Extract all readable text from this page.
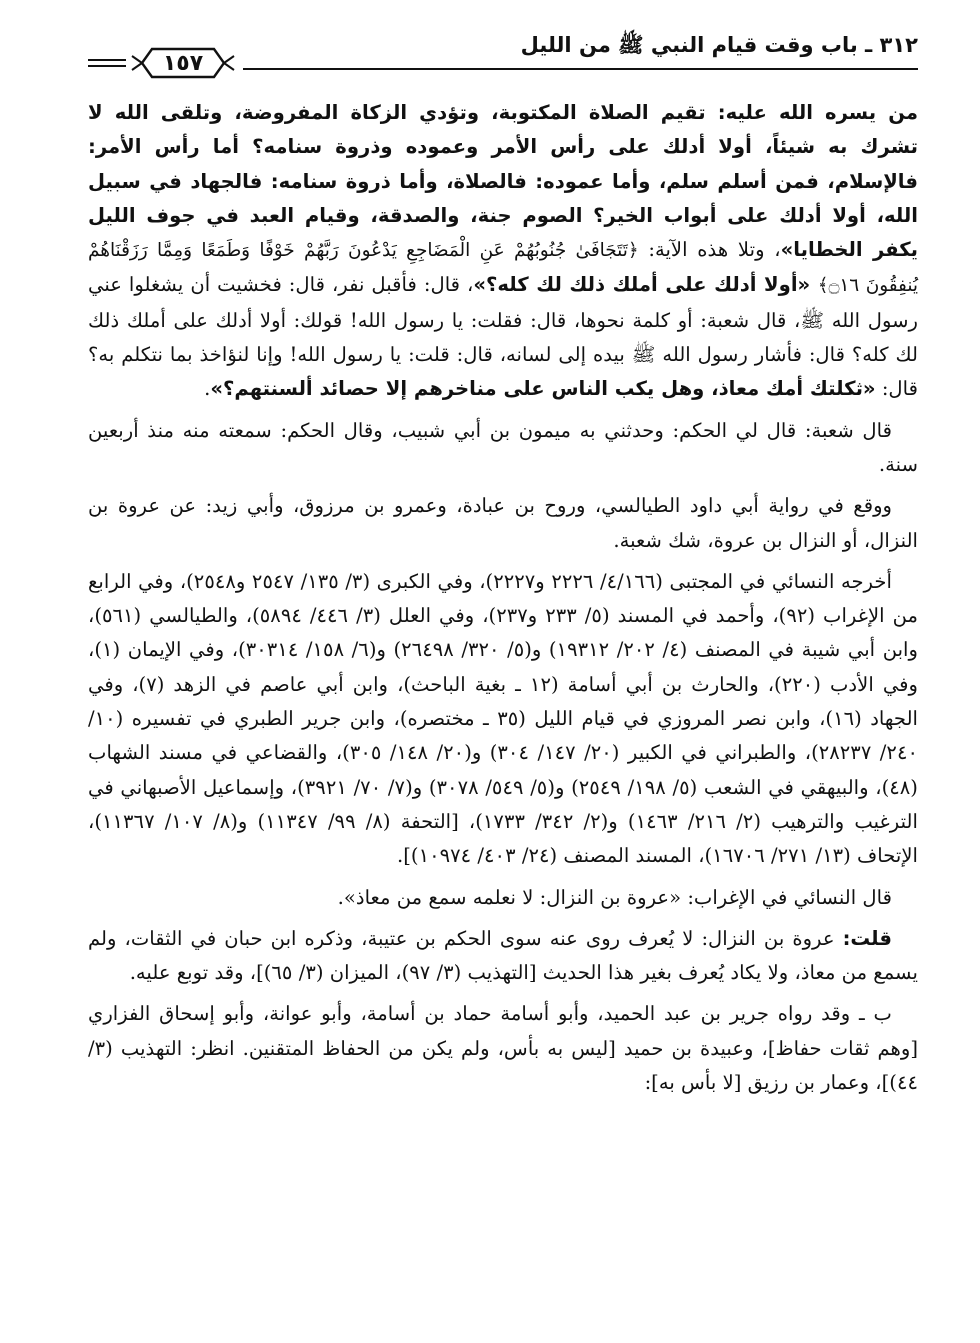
٣١٢ ـ باب وقت قيام النبي ﷺ من الليل
١٥٧

من يسره الله عليه: تقيم الصلاة المكتوبة، وتؤدي الزكاة المفروضة، وتلقى الله لا تشرك به شيئاً، أولا أدلك على رأس الأمر وعموده وذروة سنامه؟ أما رأس الأمر: فالإسلام، فمن أسلم سلم، وأما عموده: فالصلاة، وأما ذروة سنامه: فالجهاد في سبيل الله، أولا أدلك على أبواب الخير؟ الصوم جنة، والصدقة، وقيام العبد في جوف الليل يكفر الخطايا»، وتلا هذه الآية: ﴿تَتَجَافَىٰ جُنُوبُهُمْ عَنِ الْمَضَاجِعِ يَدْعُونَ رَبَّهُمْ خَوْفًا وَطَمَعًا وَمِمَّا رَزَقْنَاهُمْ يُنفِقُونَ ۝١٦﴾ «أولا أدلك على أملك ذلك لك كله؟»، قال: فأقبل نفر، قال: فخشيت أن يشغلوا عني رسول الله ﷺ، قال شعبة: أو كلمة نحوها، قال: فقلت: يا رسول الله! قولك: أولا أدلك على أملك ذلك لك كله؟ قال: فأشار رسول الله ﷺ بيده إلى لسانه، قال: قلت: يا رسول الله! وإنا لنؤاخذ بما نتكلم به؟ قال: «ثكلتك أمك معاذ، وهل يكب الناس على مناخرهم إلا حصائد ألسنتهم؟».

قال شعبة: قال لي الحكم: وحدثني به ميمون بن أبي شبيب، وقال الحكم: سمعته منه منذ أربعين سنة.

ووقع في رواية أبي داود الطيالسي، وروح بن عبادة، وعمرو بن مرزوق، وأبي زيد: عن عروة بن النزال، أو النزال بن عروة، شك شعبة.

أخرجه النسائي في المجتبى (٤/١٦٦/ ٢٢٢٦ و٢٢٢٧)، وفي الكبرى (٣/ ١٣٥/ ٢٥٤٧ و٢٥٤٨)، وفي الرابع من الإغراب (٩٢)، وأحمد في المسند (٥/ ٢٣٣ و٢٣٧)، وفي العلل (٣/ ٤٤٦/ ٥٨٩٤)، والطيالسي (٥٦١)، وابن أبي شيبة في المصنف (٤/ ٢٠٢/ ١٩٣١٢) و(٥/ ٣٢٠/ ٢٦٤٩٨) و(٦/ ١٥٨/ ٣٠٣١٤)، وفي الإيمان (١)، وفي الأدب (٢٢٠)، والحارث بن أبي أسامة (١٢ ـ بغية الباحث)، وابن أبي عاصم في الزهد (٧)، وفي الجهاد (١٦)، وابن نصر المروزي في قيام الليل (٣٥ ـ مختصره)، وابن جرير الطبري في تفسيره (١٠/ ٢٤٠/ ٢٨٢٣٧)، والطبراني في الكبير (٢٠/ ١٤٧/ ٣٠٤) و(٢٠/ ١٤٨/ ٣٠٥)، والقضاعي في مسند الشهاب (٤٨)، والبيهقي في الشعب (٥/ ١٩٨/ ٢٥٤٩) و(٥/ ٥٤٩/ ٣٠٧٨) و(٧/ ٧٠/ ٣٩٢١)، وإسماعيل الأصبهاني في الترغيب والترهيب (٢/ ٢١٦/ ١٤٦٣) و(٢/ ٣٤٢/ ١٧٣٣)، [التحفة (٨/ ٩٩/ ١١٣٤٧) و(٨/ ١٠٧/ ١١٣٦٧)، الإتحاف (١٣/ ٢٧١/ ١٦٧٠٦)، المسند المصنف (٢٤/ ٤٠٣/ ١٠٩٧٤)].

قال النسائي في الإغراب: «عروة بن النزال: لا نعلمه سمع من معاذ».

قلت: عروة بن النزال: لا يُعرف روى عنه سوى الحكم بن عتيبة، وذكره ابن حبان في الثقات، ولم يسمع من معاذ، ولا يكاد يُعرف بغير هذا الحديث [التهذيب (٣/ ٩٧)، الميزان (٣/ ٦٥)]، وقد توبع عليه.

ب ـ وقد رواه جرير بن عبد الحميد، وأبو أسامة حماد بن أسامة، وأبو عوانة، وأبو إسحاق الفزاري [وهم ثقات حفاظ]، وعبيدة بن حميد [ليس به بأس، ولم يكن من الحفاظ المتقنين. انظر: التهذيب (٣/ ٤٤)]، وعمار بن رزيق [لا بأس به]:
